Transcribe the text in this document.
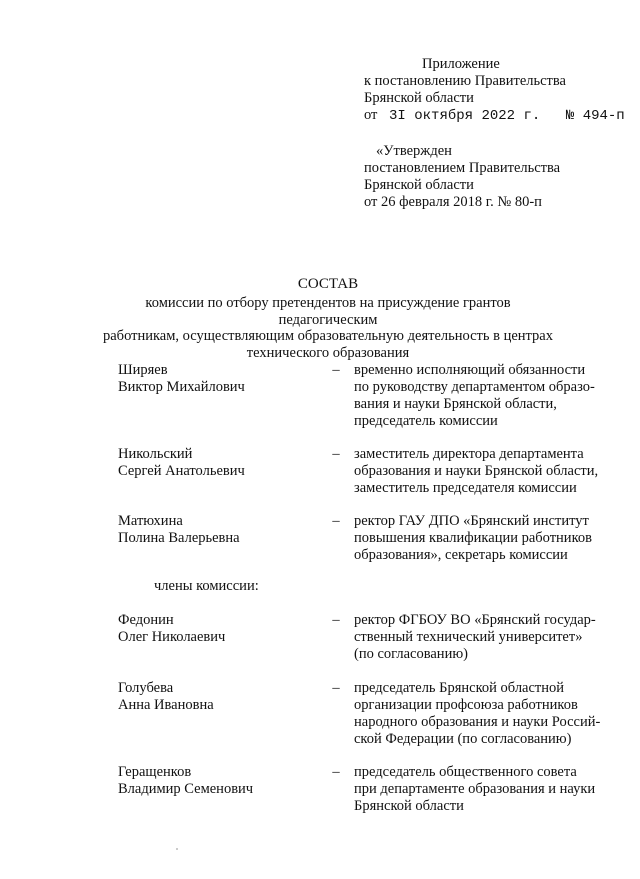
Приложение
к постановлению Правительства
Брянской области
от 3I октября 2022 г. № 494-п
«Утвержден
постановлением Правительства
Брянской области
от 26 февраля 2018 г. № 80-п
СОСТАВ
комиссии по отбору претендентов на присуждение грантов педагогическим
работникам, осуществляющим образовательную деятельность в центрах
технического образования
Ширяев
Виктор Михайлович
– временно исполняющий обязанности
по руководству департаментом образо-
вания и науки Брянской области,
председатель комиссии
Никольский
Сергей Анатольевич
– заместитель директора департамента
образования и науки Брянской области,
заместитель председателя комиссии
Матюхина
Полина Валерьевна
– ректор ГАУ ДПО «Брянский институт
повышения квалификации работников
образования», секретарь комиссии
Федонин
Олег Николаевич
– ректор ФГБОУ ВО «Брянский государ-
ственный технический университет»
(по согласованию)
Голубева
Анна Ивановна
– председатель Брянской областной
организации профсоюза работников
народного образования и науки Россий-
ской Федерации (по согласованию)
Геращенков
Владимир Семенович
– председатель общественного совета
при департаменте образования и науки
Брянской области
члены комиссии:
